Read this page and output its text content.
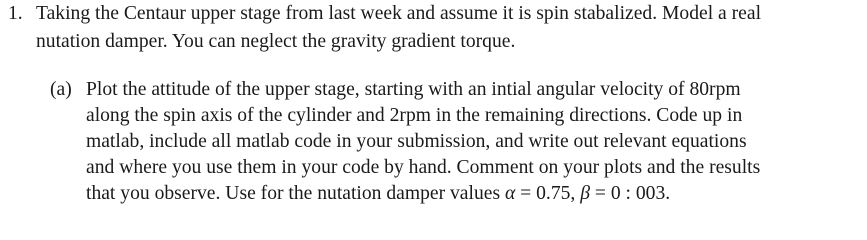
1. Taking the Centaur upper stage from last week and assume it is spin stabalized. Model a real
nutation damper. You can neglect the gravity gradient torque.
(a) Plot the attitude of the upper stage, starting with an intial angular velocity of 80rpm
along the spin axis of the cylinder and 2rpm in the remaining directions. Code up in
matlab, include all matlab code in your submission, and write out relevant equations
and where you use them in your code by hand. Comment on your plots and the results
that you observe. Use for the nutation damper values α = 0.75, β = 0 : 003.
